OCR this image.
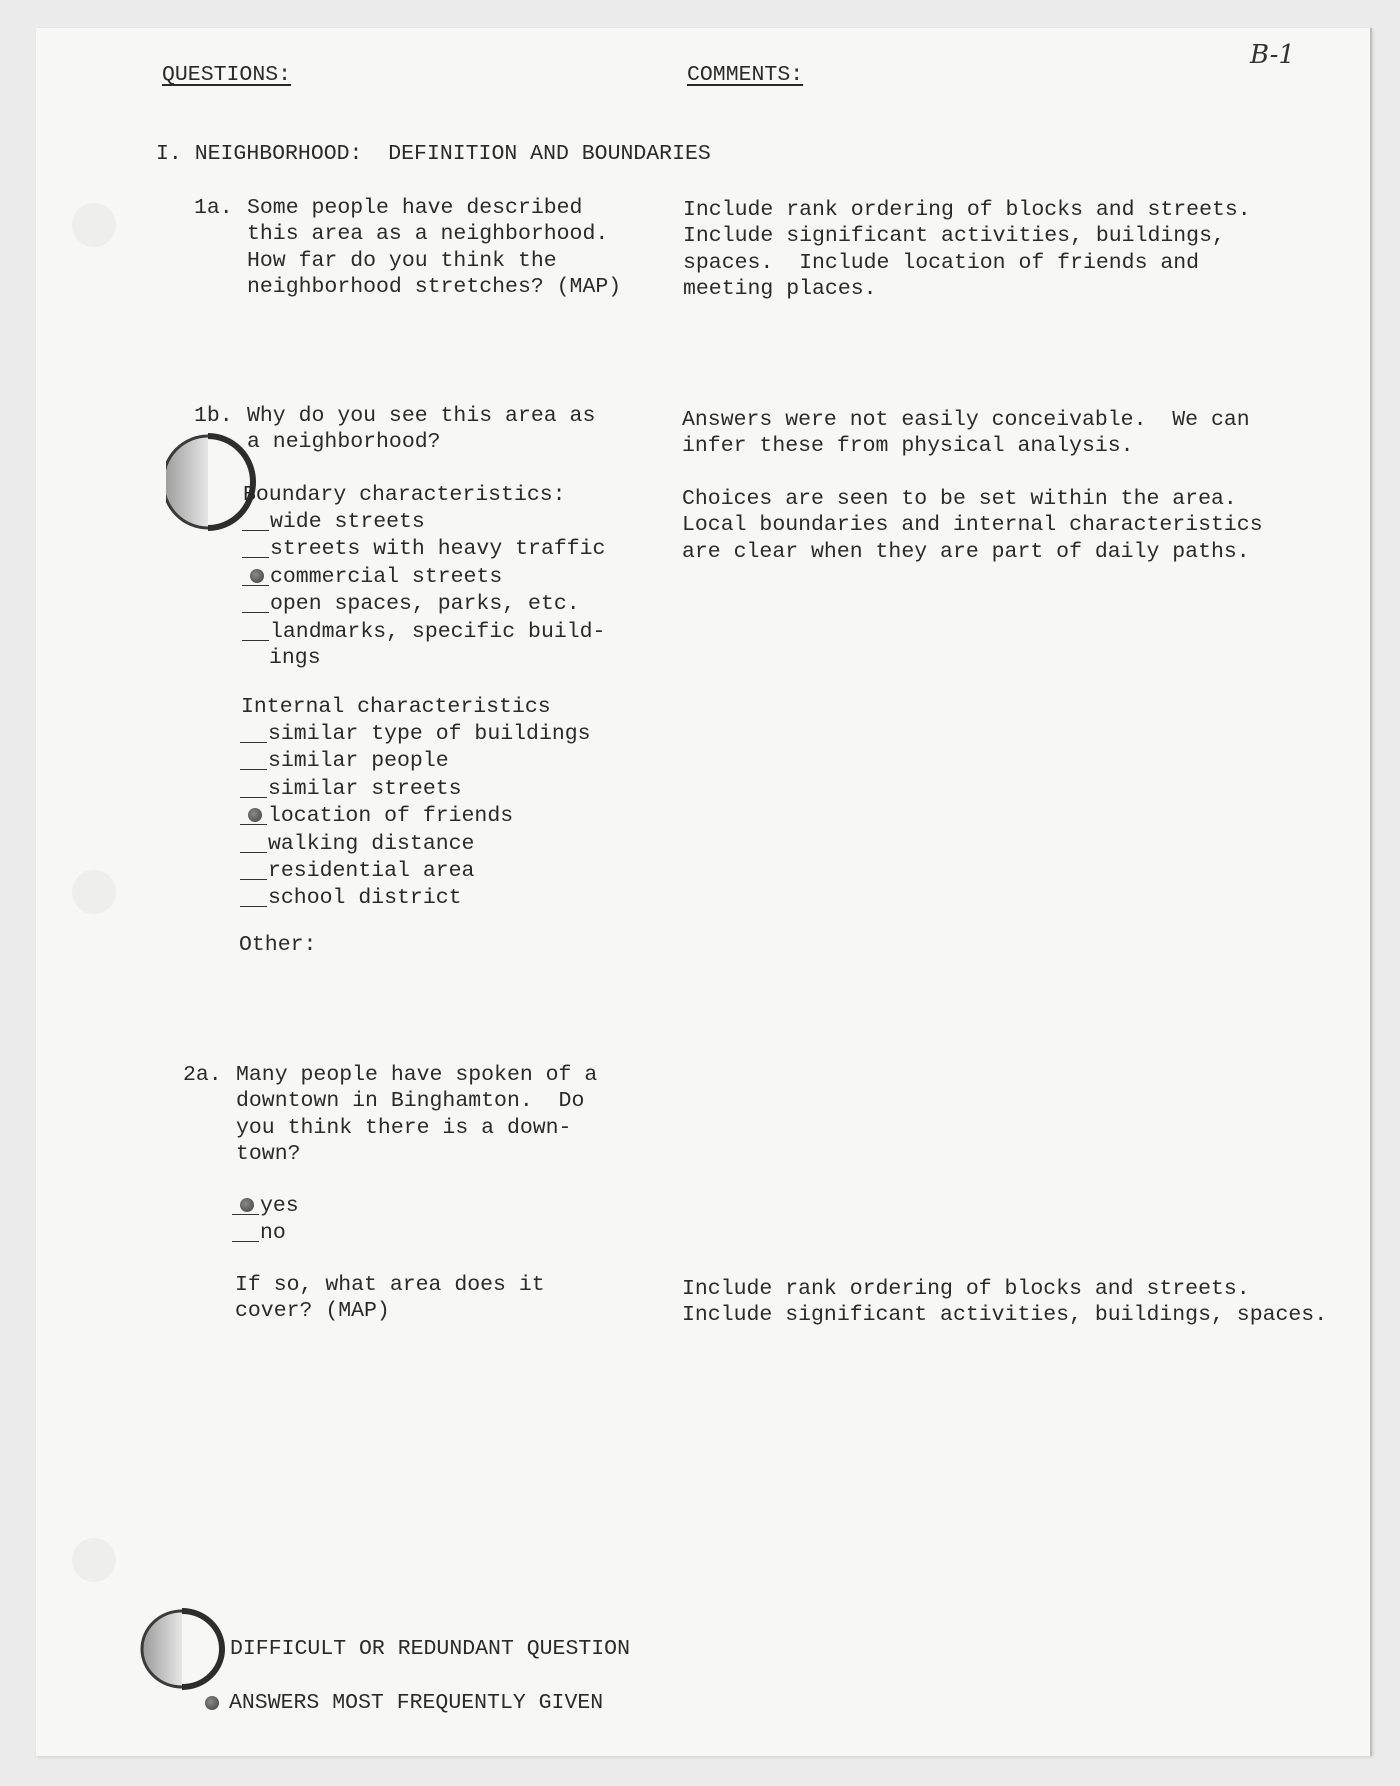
B-1
QUESTIONS:	COMMENTS:
I. NEIGHBORHOOD:  DEFINITION AND BOUNDARIES
1a. Some people have described
this area as a neighborhood.
How far do you think the
neighborhood stretches? (MAP)
Include rank ordering of blocks and streets.
Include significant activities, buildings,
spaces.  Include location of friends and
meeting places.
1b. Why do you see this area as
a neighborhood?
Boundary characteristics:
wide streets
streets with heavy traffic
commercial streets
open spaces, parks, etc.
landmarks, specific build-
ings
Internal characteristics
similar type of buildings
similar people
similar streets
location of friends
walking distance
residential area
school district
Other:
Answers were not easily conceivable.  We can
infer these from physical analysis.
Choices are seen to be set within the area.
Local boundaries and internal characteristics
are clear when they are part of daily paths.
2a. Many people have spoken of a
downtown in Binghamton.  Do
you think there is a down-
town?
yes
no
If so, what area does it
cover? (MAP)
Include rank ordering of blocks and streets.
Include significant activities, buildings, spaces.
DIFFICULT OR REDUNDANT QUESTION
ANSWERS MOST FREQUENTLY GIVEN
